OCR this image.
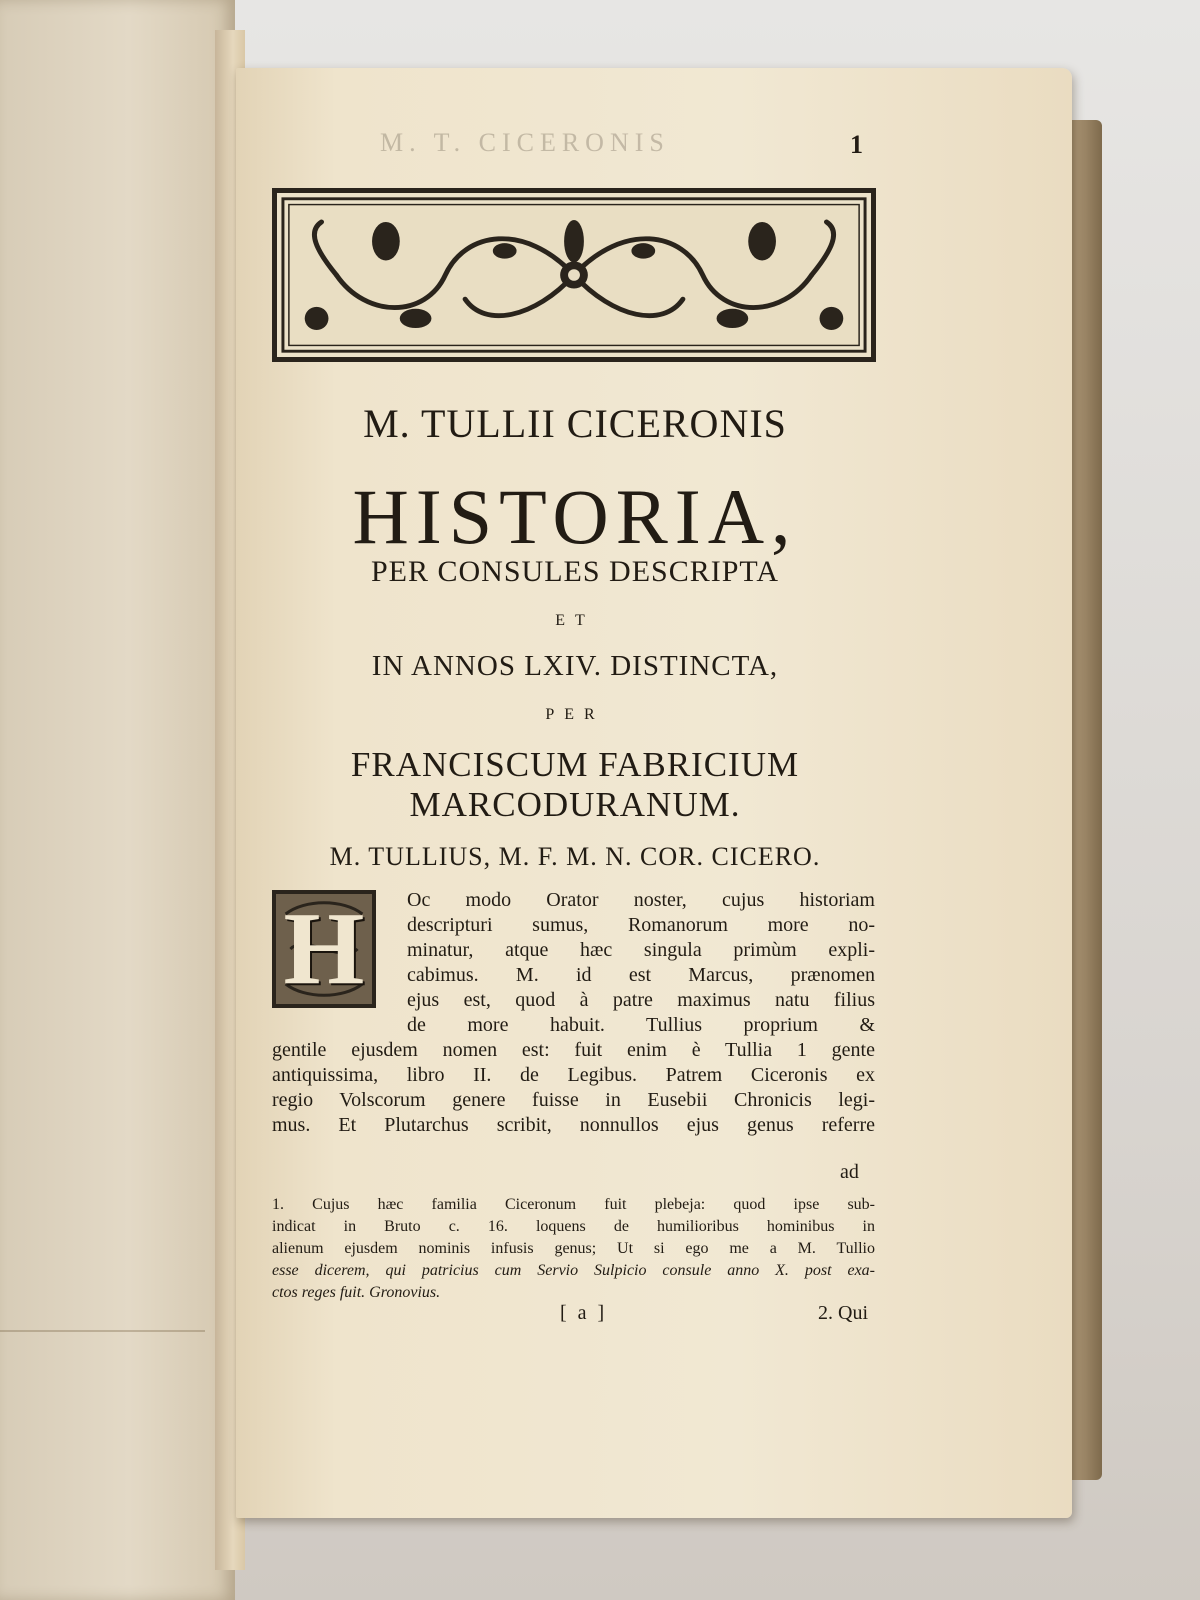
M. T. CICERONIS	1
M. TULLII CICERONIS
HISTORIA,
PER CONSULES DESCRIPTA
ET
IN ANNOS LXIV. DISTINCTA,
PER
FRANCISCUM FABRICIUM
MARCODURANUM.
M. TULLIUS, M. F. M. N. COR. CICERO.
H	Oc modo Orator noster, cujus historiam
descripturi sumus, Romanorum more no-
minatur, atque hæc singula primùm expli-
cabimus. M. id est Marcus, prænomen
ejus est, quod à patre maximus natu filius
de more habuit. Tullius proprium &
gentile ejusdem nomen est: fuit enim è Tullia 1 gente
antiquissima, libro II. de Legibus. Patrem Ciceronis ex
regio Volscorum genere fuisse in Eusebii Chronicis legi-
mus. Et Plutarchus scribit, nonnullos ejus genus referre
ad
1. Cujus hæc familia Ciceronum fuit plebeja: quod ipse sub-
indicat in Bruto c. 16. loquens de humilioribus hominibus in
alienum ejusdem nominis infusis genus; Ut si ego me a M. Tullio
esse dicerem, qui patricius cum Servio Sulpicio consule anno X. post exa-
ctos reges fuit. Gronovius.
[ a ]	2. Qui
